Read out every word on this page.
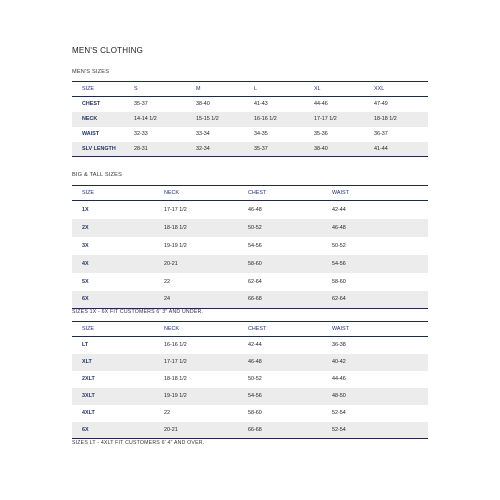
MEN'S CLOTHING
MEN'S SIZES
SIZE	S	M	L	XL	XXL
CHEST	35-37	38-40	41-43	44-46	47-49
NECK	14-14 1/2	15-15 1/2	16-16 1/2	17-17 1/2	18-18 1/2
WAIST	32-33	33-34	34-35	35-36	36-37
SLV LENGTH	28-31	32-34	35-37	38-40	41-44
BIG & TALL SIZES
SIZE	NECK	CHEST	WAIST
1X	17-17 1/2	46-48	42-44
2X	18-18 1/2	50-52	46-48
3X	19-19 1/2	54-56	50-52
4X	20-21	58-60	54-56
5X	22	62-64	58-60
6X	24	66-68	62-64
SIZES 1X - 6X FIT CUSTOMERS 6' 3" AND UNDER.
SIZE	NECK	CHEST	WAIST
LT	16-16 1/2	42-44	36-38
XLT	17-17 1/2	46-48	40-42
2XLT	18-18 1/2	50-52	44-46
3XLT	19-19 1/2	54-56	48-50
4XLT	22	58-60	52-54
6X	20-21	66-68	52-54
SIZES LT - 4XLT FIT CUSTOMERS 6' 4" AND OVER.
